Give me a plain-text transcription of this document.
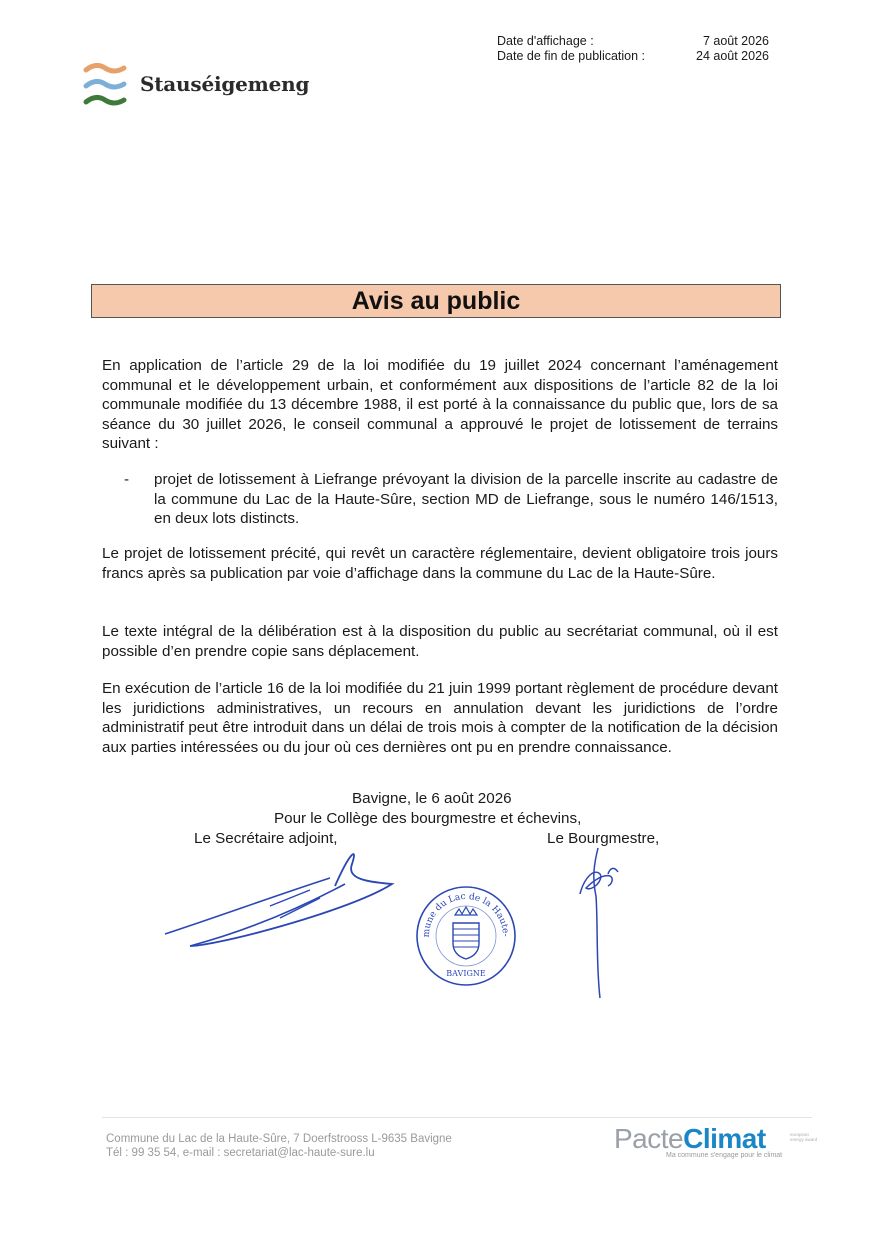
Date d'affichage :	7 août 2026
Date de fin de publication :	24 août 2026
Stauséigemeng
Avis au public
En application de l’article 29 de la loi modifiée du 19 juillet 2024 concernant l’aménagement communal et le développement urbain, et conformément aux dispositions de l’article 82 de la loi communale modifiée du 13 décembre 1988, il est porté à la connaissance du public que, lors de sa séance du 30 juillet 2026, le conseil communal a approuvé le projet de lotissement de terrains suivant :
-	projet de lotissement à Liefrange prévoyant la division de la parcelle inscrite au cadastre de la commune du Lac de la Haute-Sûre, section MD de Liefrange, sous le numéro 146/1513, en deux lots distincts.
Le projet de lotissement précité, qui revêt un caractère réglementaire, devient obligatoire trois jours francs après sa publication par voie d’affichage dans la commune du Lac de la Haute-Sûre.
Le texte intégral de la délibération est à la disposition du public au secrétariat communal, où il est possible d’en prendre copie sans déplacement.
En exécution de l’article 16 de la loi modifiée du 21 juin 1999 portant règlement de procédure devant les juridictions administratives, un recours en annulation devant les juridictions de l’ordre administratif peut être introduit dans un délai de trois mois à compter de la notification de la décision aux parties intéressées ou du jour où ces dernières ont pu en prendre connaissance.
Bavigne, le 6 août 2026
Pour le Collège des bourgmestre et échevins,
Le Secrétaire adjoint,	Le Bourgmestre,
Commune du Lac de la Haute-Sûre
BAVIGNE
Commune du Lac de la Haute-Sûre, 7 Doerfstrooss L-9635 Bavigne
Tél : 99 35 54, e-mail : secretariat@lac-haute-sure.lu	PacteClimat
Ma commune s'engage pour le climat
european energy award
